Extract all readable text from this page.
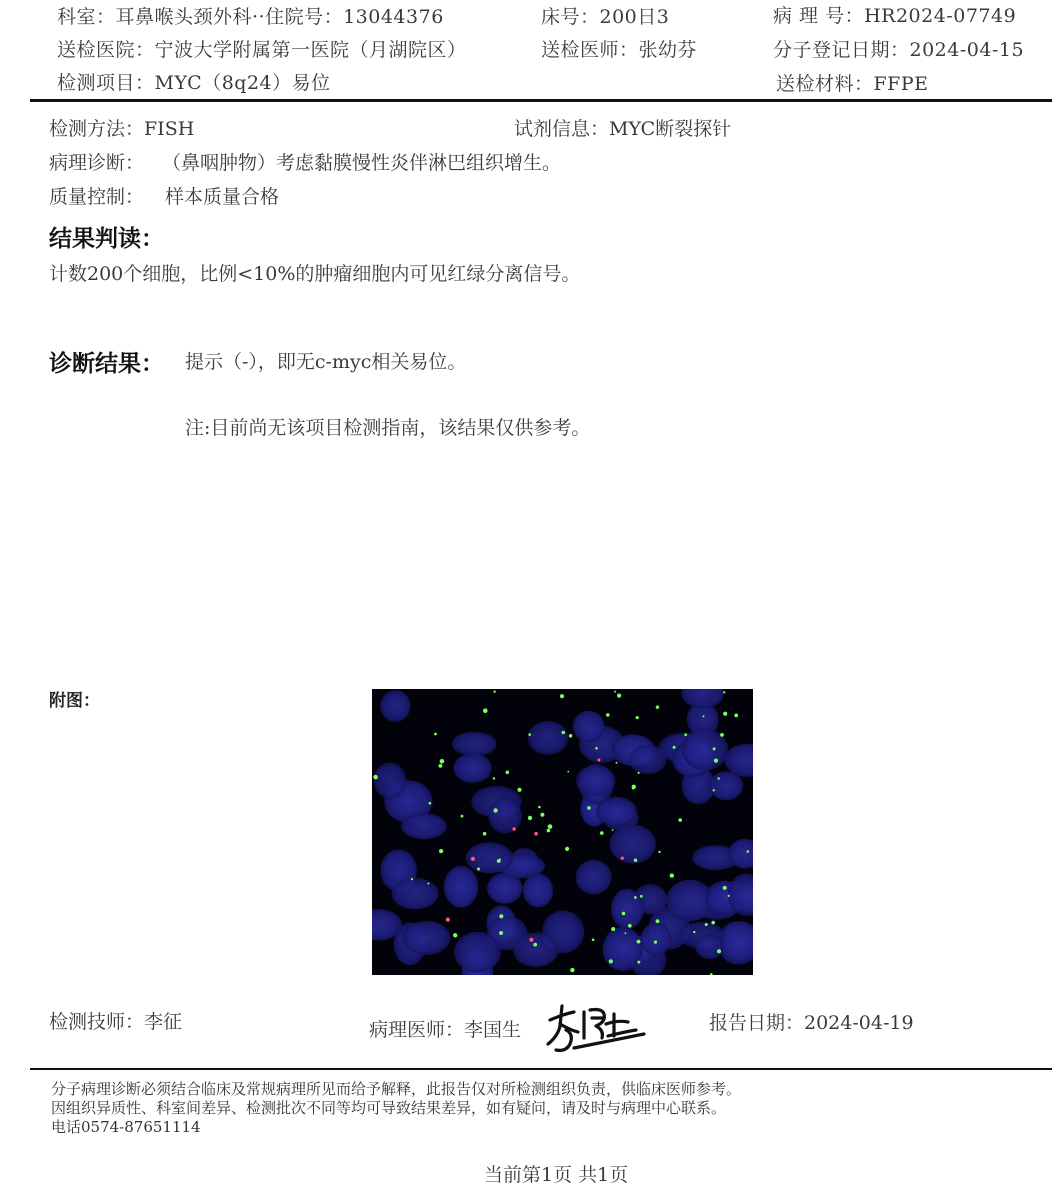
科室：耳鼻喉头颈外科··住院号：13044376	床号：200日3	病 理 号：HR2024-07749
送检医院：宁波大学附属第一医院（月湖院区）	送检医师：张幼芬	分子登记日期：2024-04-15
检测项目：MYC（8q24）易位	送检材料：FFPE
检测方法：FISH	试剂信息：MYC断裂探针
病理诊断： （鼻咽肿物）考虑黏膜慢性炎伴淋巴组织增生。
质量控制： 样本质量合格
结果判读：
计数200个细胞，比例<10%的肿瘤细胞内可见红绿分离信号。
诊断结果： 提示（-），即无c-myc相关易位。
注:目前尚无该项目检测指南，该结果仅供参考。
附图：
检测技师：李征	病理医师：李国生	报告日期：2024-04-19
分子病理诊断必须结合临床及常规病理所见而给予解释，此报告仅对所检测组织负责，供临床医师参考。
因组织异质性、科室间差异、检测批次不同等均可导致结果差异，如有疑问，请及时与病理中心联系。
电话0574-87651114
当前第1页 共1页
